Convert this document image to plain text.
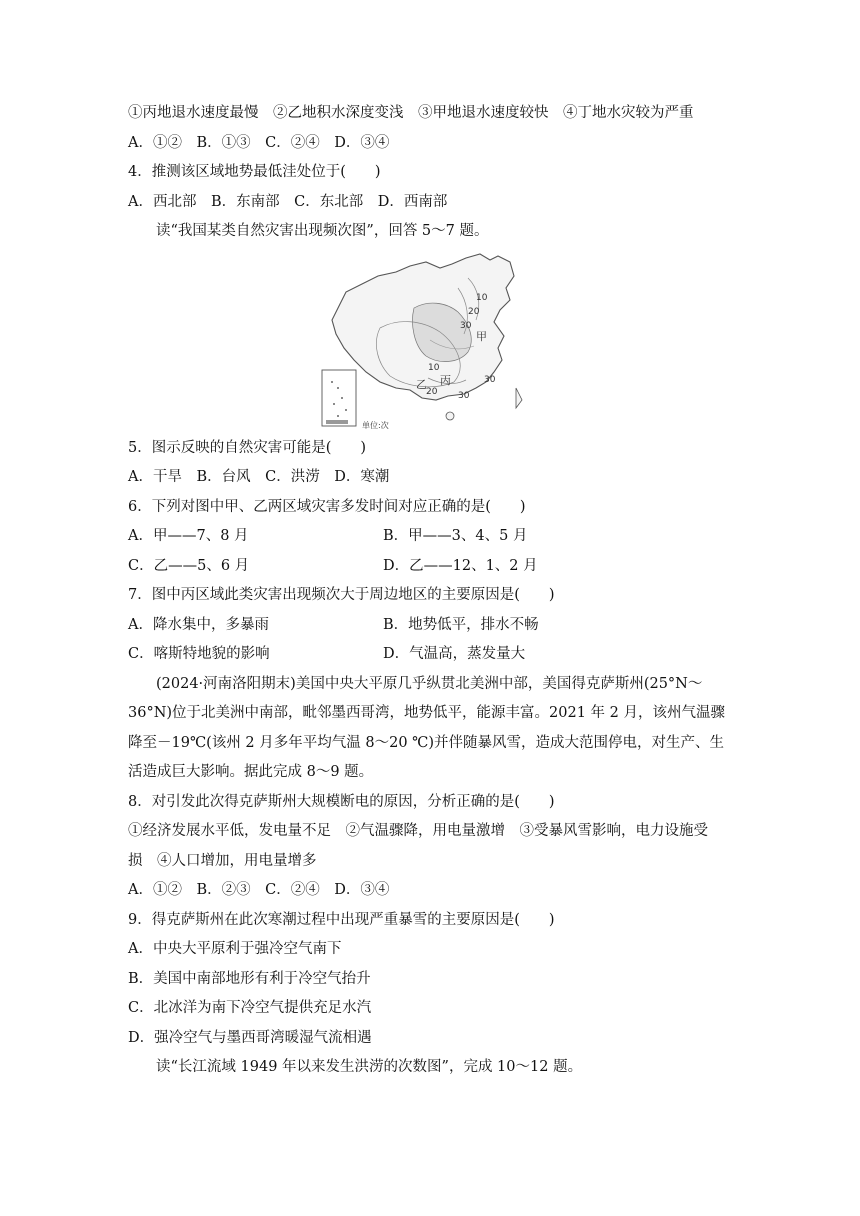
①丙地退水速度最慢　②乙地积水深度变浅　③甲地退水速度较快　④丁地水灾较为严重
A．①②　B．①③　C．②④　D．③④
4．推测该区域地势最低洼处位于(　　)
A．西北部　B．东南部　C．东北部　D．西南部
读“我国某类自然灾害出现频次图”，回答 5～7 题。
10
20
30
甲
10
丙
20
乙	30
30
单位:次
5．图示反映的自然灾害可能是(　　)
A．干旱　B．台风　C．洪涝　D．寒潮
6．下列对图中甲、乙两区域灾害多发时间对应正确的是(　　)
A．甲——7、8 月	B．甲——3、4、5 月
C．乙——5、6 月	D．乙——12、1、2 月
7．图中丙区域此类灾害出现频次大于周边地区的主要原因是(　　)
A．降水集中，多暴雨	B．地势低平，排水不畅
C．喀斯特地貌的影响	D．气温高，蒸发量大
(2024·河南洛阳期末)美国中央大平原几乎纵贯北美洲中部，美国得克萨斯州(25°N～
36°N)位于北美洲中南部，毗邻墨西哥湾，地势低平，能源丰富。2021 年 2 月，该州气温骤
降至－19℃(该州 2 月多年平均气温 8～20 ℃)并伴随暴风雪，造成大范围停电，对生产、生
活造成巨大影响。据此完成 8～9 题。
8．对引发此次得克萨斯州大规模断电的原因，分析正确的是(　　)
①经济发展水平低，发电量不足　②气温骤降，用电量激增　③受暴风雪影响，电力设施受
损　④人口增加，用电量增多
A．①②　B．②③　C．②④　D．③④
9．得克萨斯州在此次寒潮过程中出现严重暴雪的主要原因是(　　)
A．中央大平原利于强冷空气南下
B．美国中南部地形有利于冷空气抬升
C．北冰洋为南下冷空气提供充足水汽
D．强冷空气与墨西哥湾暖湿气流相遇
读“长江流域 1949 年以来发生洪涝的次数图”，完成 10～12 题。
